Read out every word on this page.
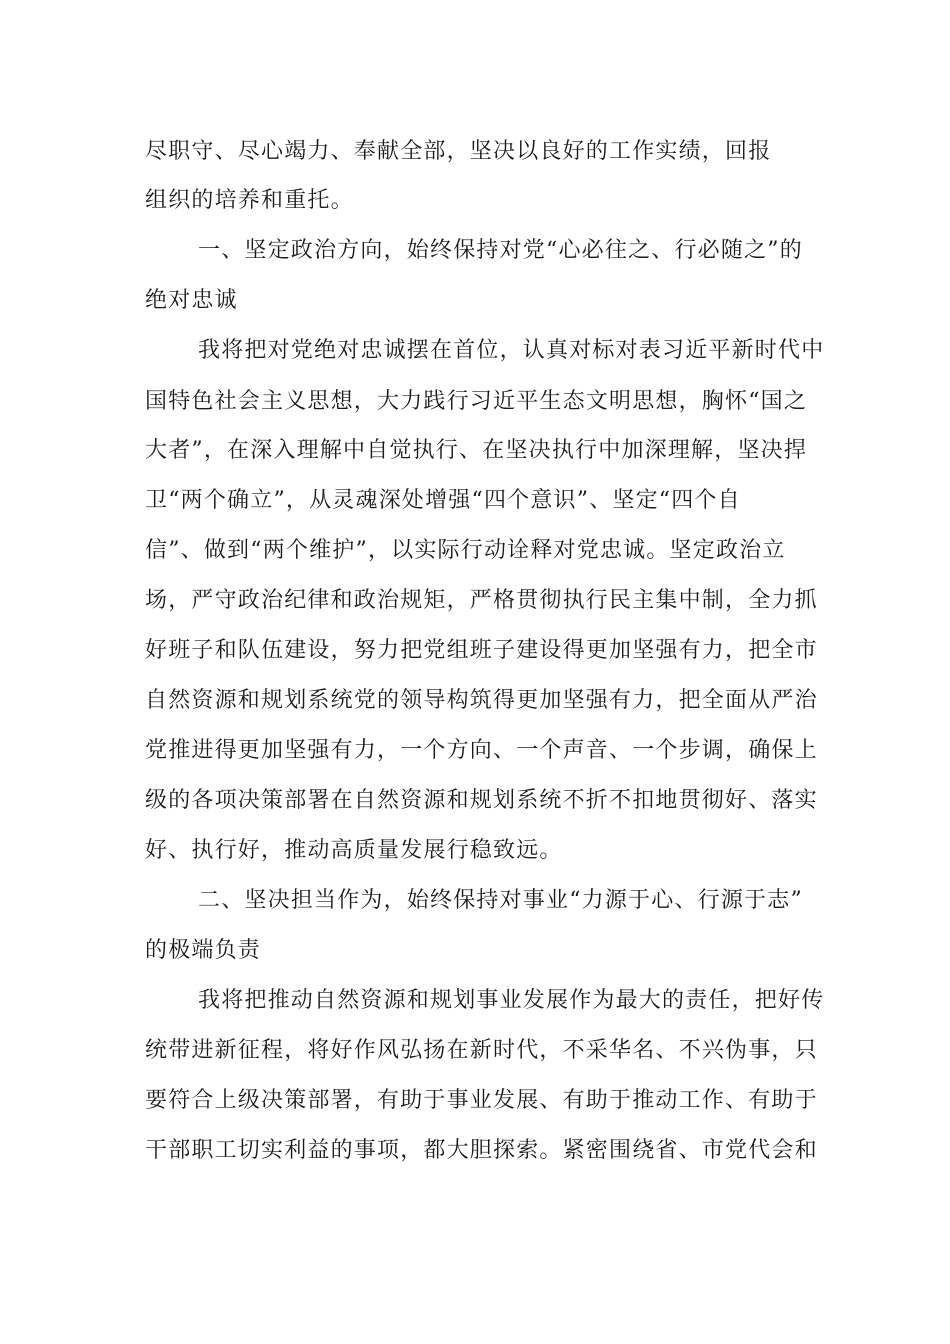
尽职守、尽心竭力、奉献全部，坚决以良好的工作实绩，回报
组织的培养和重托。
一、坚定政治方向，始终保持对党“心必往之、行必随之”的
绝对忠诚
我将把对党绝对忠诚摆在首位，认真对标对表习近平新时代中
国特色社会主义思想，大力践行习近平生态文明思想，胸怀“国之
大者”，在深入理解中自觉执行、在坚决执行中加深理解，坚决捍
卫“两个确立”，从灵魂深处增强“四个意识”、坚定“四个自
信”、做到“两个维护”，以实际行动诠释对党忠诚。坚定政治立
场，严守政治纪律和政治规矩，严格贯彻执行民主集中制，全力抓
好班子和队伍建设，努力把党组班子建设得更加坚强有力，把全市
自然资源和规划系统党的领导构筑得更加坚强有力，把全面从严治
党推进得更加坚强有力，一个方向、一个声音、一个步调，确保上
级的各项决策部署在自然资源和规划系统不折不扣地贯彻好、落实
好、执行好，推动高质量发展行稳致远。
二、坚决担当作为，始终保持对事业“力源于心、行源于志”
的极端负责
我将把推动自然资源和规划事业发展作为最大的责任，把好传
统带进新征程，将好作风弘扬在新时代，不采华名、不兴伪事，只
要符合上级决策部署，有助于事业发展、有助于推动工作、有助于
干部职工切实利益的事项，都大胆探索。紧密围绕省、市党代会和
